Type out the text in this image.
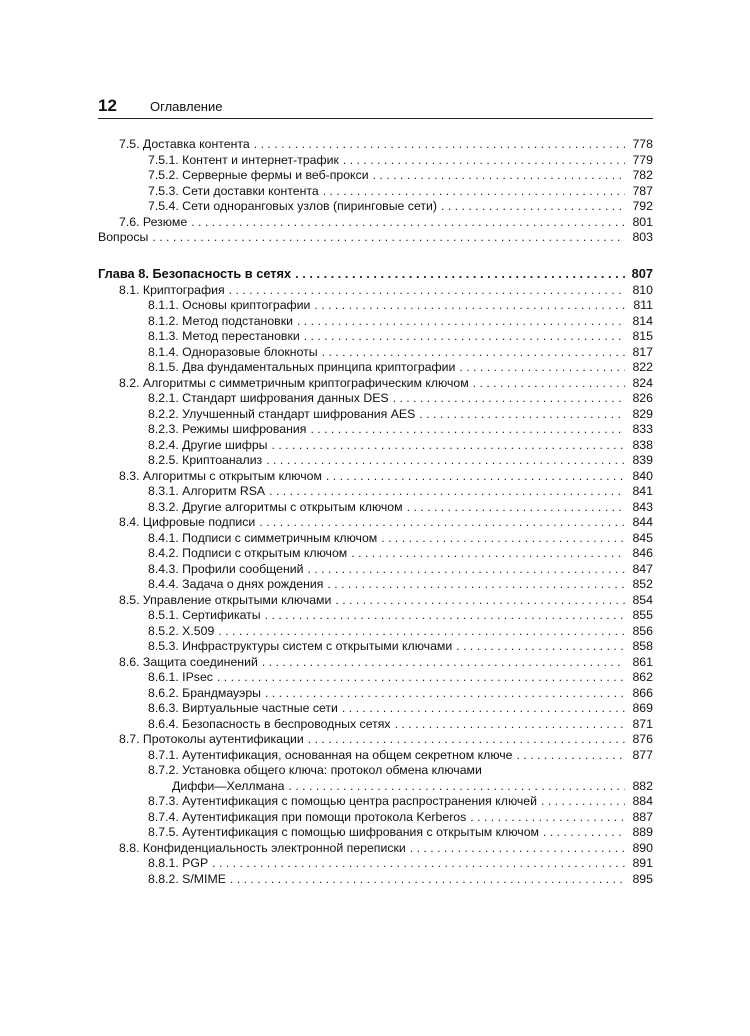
12	Оглавление
7.5. Доставка контента . . .	778
7.5.1. Контент и интернет-трафик . . .	779
7.5.2. Серверные фермы и веб-прокси . . .	782
7.5.3. Сети доставки контента . . .	787
7.5.4. Сети одноранговых узлов (пиринговые сети) . . .	792
7.6. Резюме . . .	801
Вопросы . . .	803
Глава 8. Безопасность в сетях . . .	807
8.1. Криптография . . .	810
8.1.1. Основы криптографии . . .	811
8.1.2. Метод подстановки . . .	814
8.1.3. Метод перестановки . . .	815
8.1.4. Одноразовые блокноты . . .	817
8.1.5. Два фундаментальных принципа криптографии . . .	822
8.2. Алгоритмы с симметричным криптографическим ключом . . .	824
8.2.1. Стандарт шифрования данных DES . . .	826
8.2.2. Улучшенный стандарт шифрования AES . . .	829
8.2.3. Режимы шифрования . . .	833
8.2.4. Другие шифры . . .	838
8.2.5. Криптоанализ . . .	839
8.3. Алгоритмы с открытым ключом . . .	840
8.3.1. Алгоритм RSA . . .	841
8.3.2. Другие алгоритмы с открытым ключом . . .	843
8.4. Цифровые подписи . . .	844
8.4.1. Подписи с симметричным ключом . . .	845
8.4.2. Подписи с открытым ключом . . .	846
8.4.3. Профили сообщений . . .	847
8.4.4. Задача о днях рождения . . .	852
8.5. Управление открытыми ключами . . .	854
8.5.1. Сертификаты . . .	855
8.5.2. X.509 . . .	856
8.5.3. Инфраструктуры систем с открытыми ключами . . .	858
8.6. Защита соединений . . .	861
8.6.1. IPsec . . .	862
8.6.2. Брандмауэры . . .	866
8.6.3. Виртуальные частные сети . . .	869
8.6.4. Безопасность в беспроводных сетях . . .	871
8.7. Протоколы аутентификации . . .	876
8.7.1. Аутентификация, основанная на общем секретном ключе . . .	877
8.7.2. Установка общего ключа: протокол обмена ключами
Диффи—Хеллмана . . .	882
8.7.3. Аутентификация с помощью центра распространения ключей . . .	884
8.7.4. Аутентификация при помощи протокола Kerberos . . .	887
8.7.5. Аутентификация с помощью шифрования с открытым ключом . . .	889
8.8. Конфиденциальность электронной переписки . . .	890
8.8.1. PGP . . .	891
8.8.2. S/MIME . . .	895
